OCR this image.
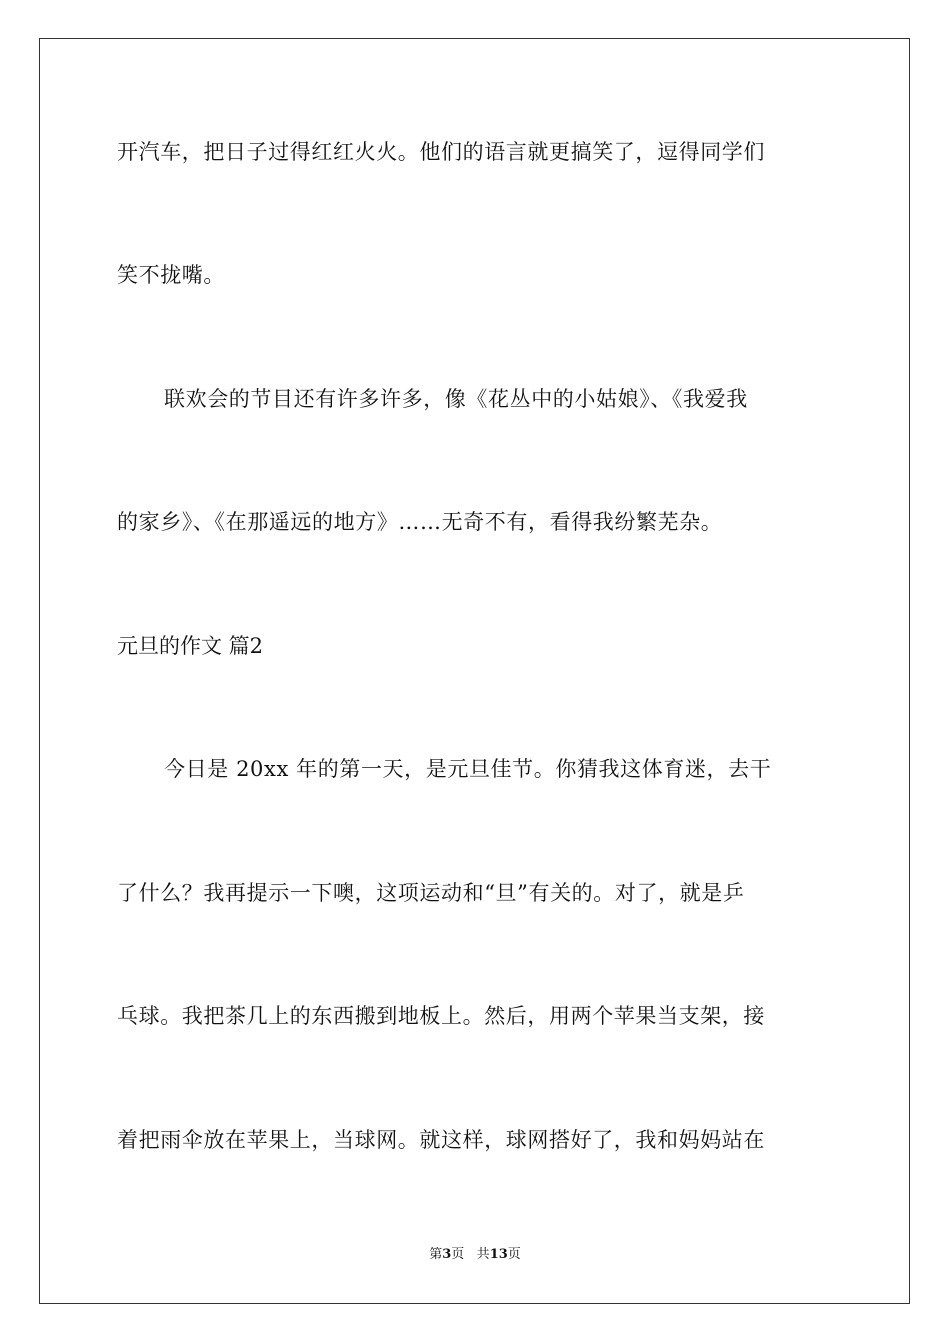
开汽车，把日子过得红红火火。他们的语言就更搞笑了，逗得同学们
笑不拢嘴。
联欢会的节目还有许多许多，像《花丛中的小姑娘》、《我爱我
的家乡》、《在那遥远的地方》……无奇不有，看得我纷繁芜杂。
元旦的作文 篇2
今日是 20xx 年的第一天，是元旦佳节。你猜我这体育迷，去干
了什么？我再提示一下噢，这项运动和“旦”有关的。对了，就是乒
乓球。我把茶几上的东西搬到地板上。然后，用两个苹果当支架，接
着把雨伞放在苹果上，当球网。就这样，球网搭好了，我和妈妈站在
第3页 共13页
